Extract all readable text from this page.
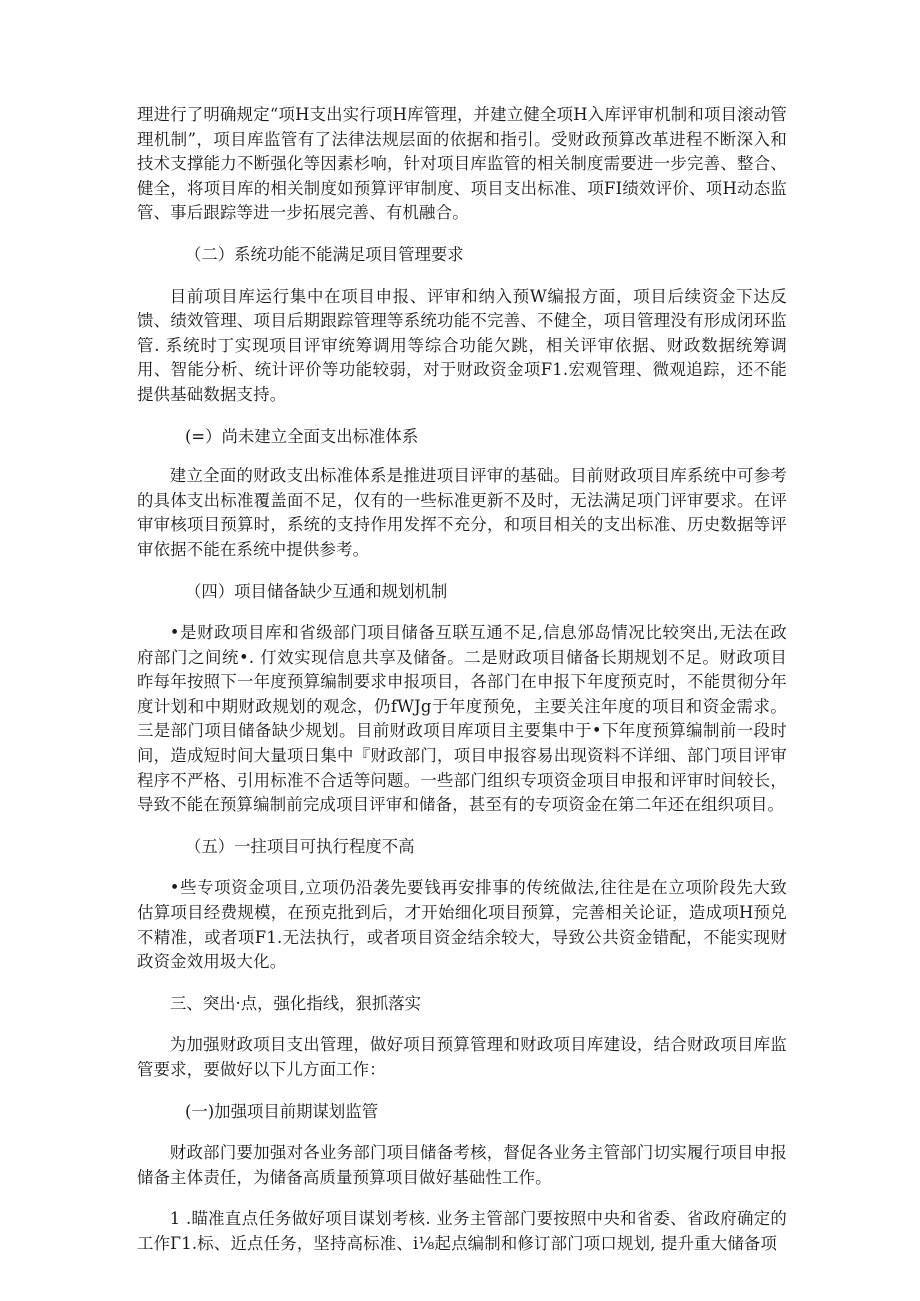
理进行了明确规定“项H支出实行项H库管理，并建立健全项H入库评审机制和项目滚动管理机制”，项目库监管有了法律法规层面的依据和指引。受财政预算改革进程不断深入和技术支撑能力不断强化等因素杉响，针对项目库监管的相关制度需要进一步完善、整合、健全，将项目库的相关制度如预算评审制度、项目支出标准、项FI绩效评价、项H动态监管、事后跟踪等进一步拓展完善、有机融合。

（二）系统功能不能满足项目管理要求

目前项目库运行集中在项目申报、评审和纳入预W编报方面，项目后续资金下达反馈、绩效管理、项目后期跟踪管理等系统功能不完善、不健全，项目管理没有形成闭环监管. 系统时丁实现项目评审统筹调用等综合功能欠跳，相关评审依据、财政数据统筹调用、智能分析、统计评价等功能较弱，对于财政资金项F1.宏观管理、微观追踪，还不能提供基础数据支持。

(=）尚未建立全面支出标准体系

建立全面的财政支出标准体系是推进项目评审的基础。目前财政项目库系统中可参考的具体支出标准覆盖面不足，仅有的一些标准更新不及时，无法满足项门评审要求。在评审审核项目预算时，系统的支持作用发挥不充分，和项目相关的支出标准、历史数据等评审依据不能在系统中提供参考。

（四）项目储备缺少互通和规划机制

•是财政项目库和省级部门项目储备互联互通不足,信息邠岛情况比较突出,无法在政府部门之间统•. 仃效实现信息共享及储备。二是财政项目储备长期规划不足。财政项目昨每年按照下一年度预算编制要求申报项目，各部门在申报下年度预克时，不能贯彻分年度计划和中期财政规划的观念，仍fWJg于年度预免，主要关注年度的项目和资金需求。三是部门项目储备缺少规划。目前财政项目库项目主要集中于•下年度预算编制前一段时间，造成短时间大量项日集中『财政部门，项目申报容易出现资料不详细、部门项目评审程序不严格、引用标准不合适等问题。一些部门组织专项资金项目申报和评审时间较长，导致不能在预算编制前完成项目评审和储备，甚至有的专项资金在第二年还在组织项目。

（五）一拄项目可执行程度不高

•些专项资金项目,立项仍沿袭先要钱再安排事的传统做法,往往是在立项阶段先大致估算项目经费规模，在预克批到后，才开始细化项目预算，完善相关论证，造成项H预兑不精准，或者项F1.无法执行，或者项目资金结余较大，导致公共资金错配，不能实现财政资金效用圾大化。

三、突出·点，强化指线，狠抓落实

为加强财政项目支出管理，做好项目预算管理和财政项目库建设，结合财政项目库监管要求，要做好以下儿方面工作：

(一)加强项目前期谋划监管

财政部门要加强对各业务部门项目储备考核，督促各业务主管部门切实履行项目申报储备主体责任，为储备高质量预算项目做好基础性工作。

1 .瞄准直点任务做好项目谋划考核. 业务主管部门要按照中央和省委、省政府确定的工作Г1.标、近点任务，坚持高标准、i⅛起点编制和修订部门项口规划, 提升重大储备项
